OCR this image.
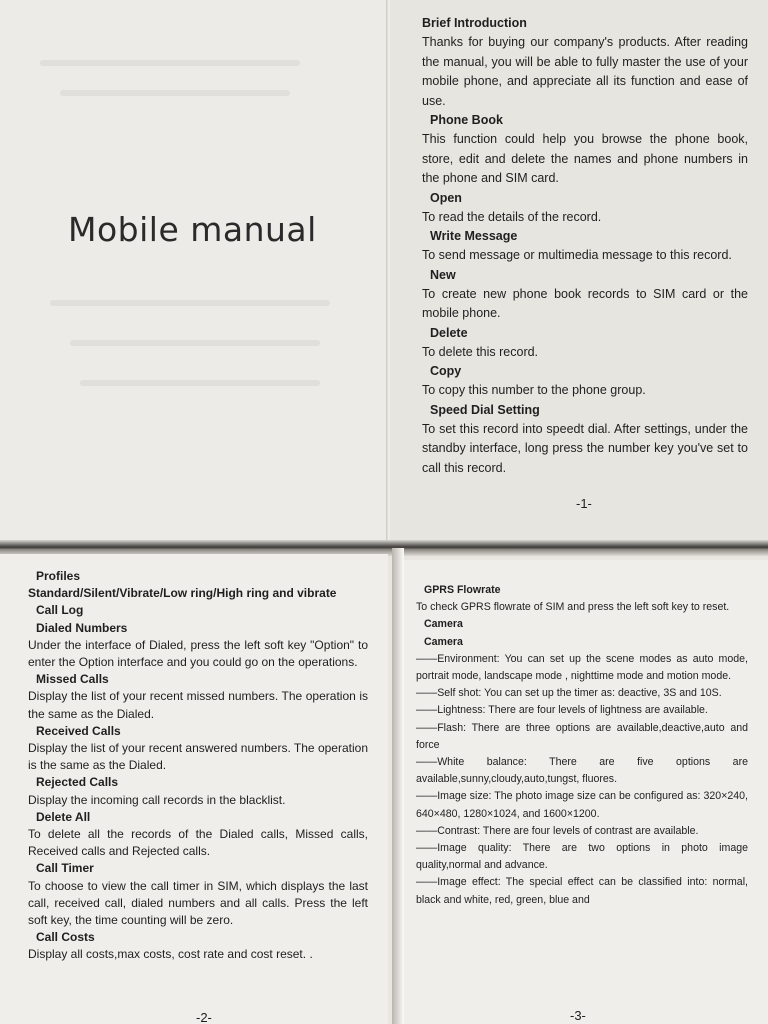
Mobile manual
Brief Introduction

Thanks for buying our company's products. After reading the manual, you will be able to fully master the use of your mobile phone, and appreciate all its function and ease of use.

Phone Book

This function could help you browse the phone book, store, edit and delete the names and phone numbers in the phone and SIM card.

Open

To read the details of the record.

Write Message

To send message or multimedia message to this record.

New

To create new phone book records to SIM card or the mobile phone.

Delete

To delete this record.

Copy

To copy this number to the phone group.

Speed Dial Setting

To set this record into speedt dial. After settings, under the standby interface, long press the number key you've set to call this record.

-1-
Profiles
Standard/Silent/Vibrate/Low ring/High ring and vibrate
Call Log
Dialed Numbers

Under the interface of Dialed, press the left soft key "Option" to enter the Option interface and you could go on the operations.

Missed Calls

Display the list of your recent missed numbers. The operation is the same as the Dialed.

Received Calls

Display the list of your recent answered numbers. The operation is the same as the Dialed.

Rejected Calls

Display the incoming call records in the blacklist.

Delete All

To delete all the records of the Dialed calls, Missed calls, Received calls and Rejected calls.

Call Timer

To choose to view the call timer in SIM, which displays the last call, received call, dialed numbers and all calls. Press the left soft key, the time counting will be zero.

Call Costs

Display all costs,max costs, cost rate and cost reset. .

-2-
GPRS Flowrate

To check GPRS flowrate of SIM and press the left soft key to reset.

Camera
Camera

——Environment: You can set up the scene modes as auto mode, portrait mode, landscape mode , nighttime mode and motion mode.

——Self shot: You can set up the timer as: deactive, 3S and 10S.

——Lightness: There are four levels of lightness are available.

——Flash: There are three options are available,deactive,auto and force

——White balance: There are five options are available,sunny,cloudy,auto,tungst, fluores.

——Image size: The photo image size can be configured as: 320×240, 640×480, 1280×1024, and 1600×1200.

——Contrast: There are four levels of contrast are available.

——Image quality: There are two options in photo image quality,normal and advance.

——Image effect: The special effect can be classified into: normal, black and white, red, green, blue and

-3-
